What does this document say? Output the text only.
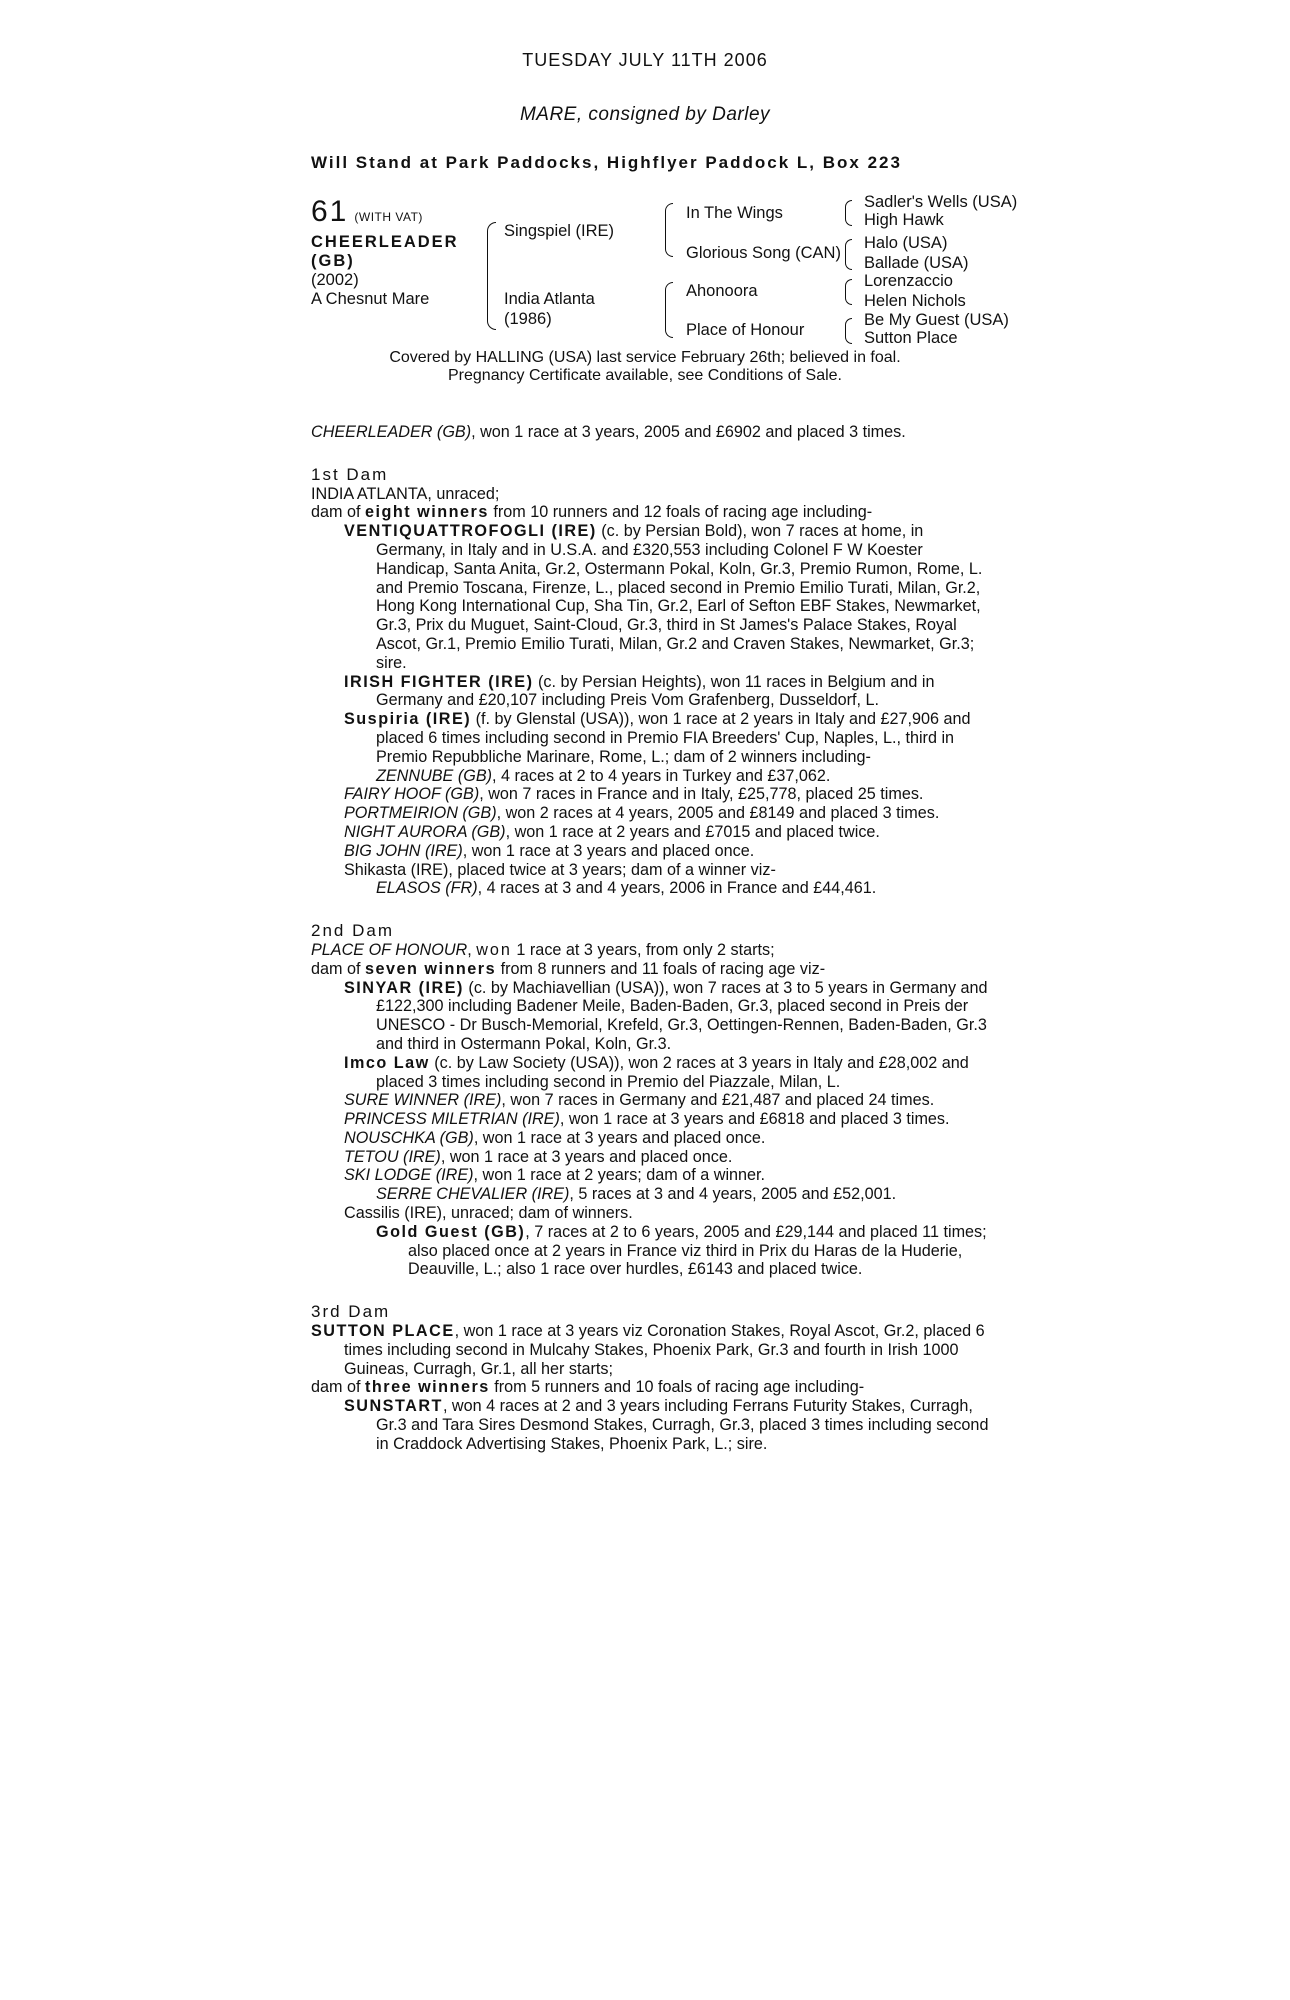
TUESDAY JULY 11TH 2006
MARE, consigned by Darley
Will Stand at Park Paddocks, Highflyer Paddock L, Box 223
61 (WITH VAT)
CHEERLEADER
(GB)
(2002)
A Chesnut Mare
Singspiel (IRE)
India Atlanta
(1986)
In The Wings
Glorious Song (CAN)
Ahonoora
Place of Honour
Sadler's Wells (USA)
High Hawk
Halo (USA)
Ballade (USA)
Lorenzaccio
Helen Nichols
Be My Guest (USA)
Sutton Place
Covered by HALLING (USA) last service February 26th; believed in foal.
Pregnancy Certificate available, see Conditions of Sale.

CHEERLEADER (GB), won 1 race at 3 years, 2005 and £6902 and placed 3 times.

1st Dam

INDIA ATLANTA, unraced;

dam of eight winners from 10 runners and 12 foals of racing age including-

VENTIQUATTROFOGLI (IRE) (c. by Persian Bold), won 7 races at home, in Germany, in Italy and in U.S.A. and £320,553 including Colonel F W Koester Handicap, Santa Anita, Gr.2, Ostermann Pokal, Koln, Gr.3, Premio Rumon, Rome, L. and Premio Toscana, Firenze, L., placed second in Premio Emilio Turati, Milan, Gr.2, Hong Kong International Cup, Sha Tin, Gr.2, Earl of Sefton EBF Stakes, Newmarket, Gr.3, Prix du Muguet, Saint-Cloud, Gr.3, third in St James's Palace Stakes, Royal Ascot, Gr.1, Premio Emilio Turati, Milan, Gr.2 and Craven Stakes, Newmarket, Gr.3; sire.

IRISH FIGHTER (IRE) (c. by Persian Heights), won 11 races in Belgium and in Germany and £20,107 including Preis Vom Grafenberg, Dusseldorf, L.

Suspiria (IRE) (f. by Glenstal (USA)), won 1 race at 2 years in Italy and £27,906 and placed 6 times including second in Premio FIA Breeders' Cup, Naples, L., third in Premio Repubbliche Marinare, Rome, L.; dam of 2 winners including-

ZENNUBE (GB), 4 races at 2 to 4 years in Turkey and £37,062.

FAIRY HOOF (GB), won 7 races in France and in Italy, £25,778, placed 25 times.

PORTMEIRION (GB), won 2 races at 4 years, 2005 and £8149 and placed 3 times.

NIGHT AURORA (GB), won 1 race at 2 years and £7015 and placed twice.

BIG JOHN (IRE), won 1 race at 3 years and placed once.

Shikasta (IRE), placed twice at 3 years; dam of a winner viz-

ELASOS (FR), 4 races at 3 and 4 years, 2006 in France and £44,461.

2nd Dam

PLACE OF HONOUR, won 1 race at 3 years, from only 2 starts;

dam of seven winners from 8 runners and 11 foals of racing age viz-

SINYAR (IRE) (c. by Machiavellian (USA)), won 7 races at 3 to 5 years in Germany and £122,300 including Badener Meile, Baden-Baden, Gr.3, placed second in Preis der UNESCO - Dr Busch-Memorial, Krefeld, Gr.3, Oettingen-Rennen, Baden-Baden, Gr.3 and third in Ostermann Pokal, Koln, Gr.3.

Imco Law (c. by Law Society (USA)), won 2 races at 3 years in Italy and £28,002 and placed 3 times including second in Premio del Piazzale, Milan, L.

SURE WINNER (IRE), won 7 races in Germany and £21,487 and placed 24 times.

PRINCESS MILETRIAN (IRE), won 1 race at 3 years and £6818 and placed 3 times.

NOUSCHKA (GB), won 1 race at 3 years and placed once.

TETOU (IRE), won 1 race at 3 years and placed once.

SKI LODGE (IRE), won 1 race at 2 years; dam of a winner.

SERRE CHEVALIER (IRE), 5 races at 3 and 4 years, 2005 and £52,001.

Cassilis (IRE), unraced; dam of winners.

Gold Guest (GB), 7 races at 2 to 6 years, 2005 and £29,144 and placed 11 times; also placed once at 2 years in France viz third in Prix du Haras de la Huderie, Deauville, L.; also 1 race over hurdles, £6143 and placed twice.

3rd Dam

SUTTON PLACE, won 1 race at 3 years viz Coronation Stakes, Royal Ascot, Gr.2, placed 6 times including second in Mulcahy Stakes, Phoenix Park, Gr.3 and fourth in Irish 1000 Guineas, Curragh, Gr.1, all her starts;

dam of three winners from 5 runners and 10 foals of racing age including-

SUNSTART, won 4 races at 2 and 3 years including Ferrans Futurity Stakes, Curragh, Gr.3 and Tara Sires Desmond Stakes, Curragh, Gr.3, placed 3 times including second in Craddock Advertising Stakes, Phoenix Park, L.; sire.
